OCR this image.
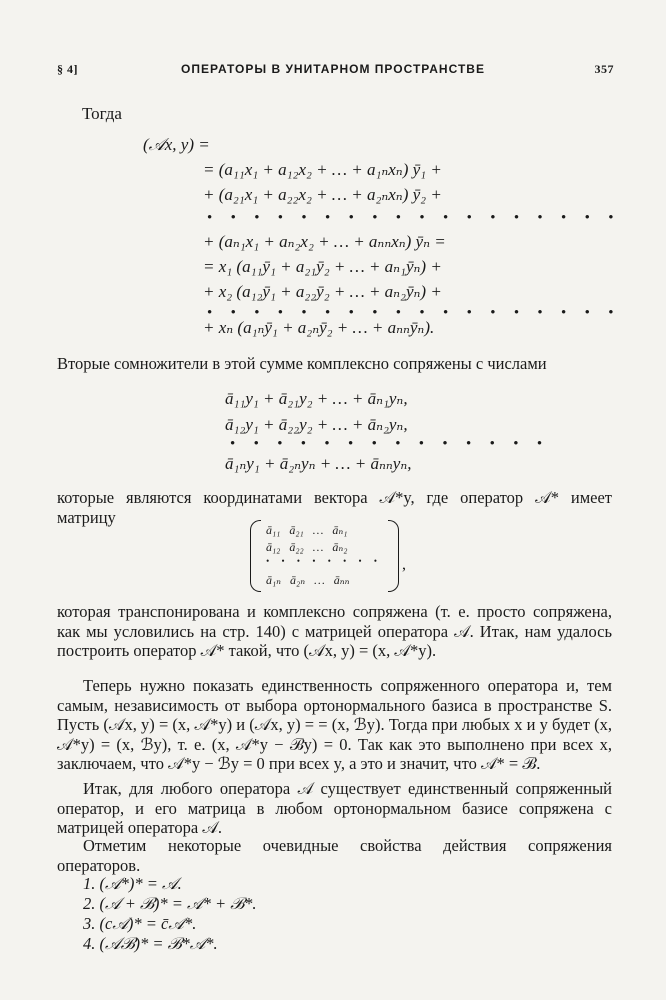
§ 4]	ОПЕРАТОРЫ В УНИТАРНОМ ПРОСТРАНСТВЕ	357
Тогда
(𝒜x, y) =
= (a₁₁x₁ + a₁₂x₂ + … + a₁ₙxₙ) ȳ₁ +
+ (a₂₁x₁ + a₂₂x₂ + … + a₂ₙxₙ) ȳ₂ +
• • • • • • • • • • • • • • • • • •
+ (aₙ₁x₁ + aₙ₂x₂ + … + aₙₙxₙ) ȳₙ =
= x₁ (a₁₁ȳ₁ + a₂₁ȳ₂ + … + aₙ₁ȳₙ) +
+ x₂ (a₁₂ȳ₁ + a₂₂ȳ₂ + … + aₙ₂ȳₙ) +
• • • • • • • • • • • • • • • • • •
+ xₙ (a₁ₙȳ₁ + a₂ₙȳ₂ + … + aₙₙȳₙ).
Вторые сомножители в этой сумме комплексно сопряжены с числами
ā₁₁y₁ + ā₂₁y₂ + … + āₙ₁yₙ,
ā₁₂y₁ + ā₂₂y₂ + … + āₙ₂yₙ,
• • • • • • • • • • • • • •
ā₁ₙy₁ + ā₂ₙyₙ + … + āₙₙyₙ,
которые являются координатами вектора 𝒜*y, где оператор 𝒜* имеет матрицу
ā₁₁ ā₂₁ … āₙ₁
ā₁₂ ā₂₂ … āₙ₂
• • • • • • • •
ā₁ₙ ā₂ₙ … āₙₙ
,
которая транспонирована и комплексно сопряжена (т. е. просто сопряжена, как мы условились на стр. 140) с матрицей оператора 𝒜. Итак, нам удалось построить оператор 𝒜* такой, что (𝒜x, y) = (x, 𝒜*y).
Теперь нужно показать единственность сопряженного оператора и, тем самым, независимость от выбора ортонормального базиса в пространстве S. Пусть (𝒜x, y) = (x, 𝒜*y) и (𝒜x, y) = = (x, ℬy). Тогда при любых x и y будет (x, 𝒜*y) = (x, ℬy), т. е. (x, 𝒜*y − ℬy) = 0. Так как это выполнено при всех x, заключаем, что 𝒜*y − ℬy = 0 при всех y, а это и значит, что 𝒜* = ℬ.
Итак, для любого оператора 𝒜 существует единственный сопряженный оператор, и его матрица в любом ортонормальном базисе сопряжена с матрицей оператора 𝒜.
Отметим некоторые очевидные свойства действия сопряжения операторов.
1. (𝒜*)* = 𝒜.
2. (𝒜 + ℬ)* = 𝒜* + ℬ*.
3. (c𝒜)* = c̄𝒜*.
4. (𝒜ℬ)* = ℬ*𝒜*.
